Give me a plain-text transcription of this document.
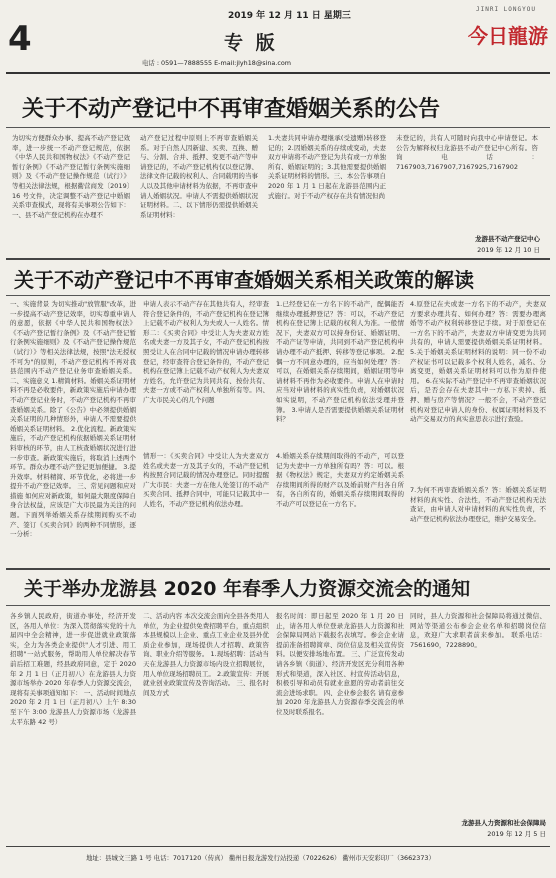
4
2019 年 12 月 11 日 星期三
专 版
电话 : 0591—7888555 E-mail:jlyh18@sina.com
JINRI LONGYOU
今日龍游
关于不动产登记中不再审查婚姻关系的公告
为切实方便群众办事、提高不动产登记效率，进一步统一不动产登记规范，依据《中华人民共和国物权法》《不动产登记暂行条例》《不动产登记暂行条例实施细则》及《不动产登记操作规范（试行）》等相关法律法规，根据衢营商发〔2019〕16 号文件，决定调整不动产登记中婚姻关系审查模式，现将有关事项公告如下：一、县不动产登记机构在办理不
动产登记过程中原则上不再审查婚姻关系。对于自然人因新建、买卖、互换、赠与、分割、合并、抵押、变更不动产等申请登记的，不动产登记机构仅以登记簿、法律文件记载的权利人、合同载明的当事人以及其他申请材料为依据，不再审查申请人婚姻状况。申请人不需提供婚姻状况证明材料。二、以下情形仍需提供婚姻关系证明材料：
1.夫妻共同申请办理继承(受遗赠)转移登记的；2.因婚姻关系的存续或变动，夫妻双方申请将不动产登记为共有或一方单独所有、婚姻证明的；3.其他需要提供婚姻关系证明材料的情形。三、本公告事项自 2020 年 1 月 1 日起在龙游县范围内正式施行。对于不动产权存在共有情况但尚
未登记的，共有人可随时向我中心申请登记。本公告为解释权归龙游县不动产登记中心所有。咨询电话：7167903,7167907,7167925,7167902
龙游县不动产登记中心
2019 年 12 月 10 日
关于不动产登记中不再审查婚姻关系相关政策的解读
一、实施背景 为切实推动"放管服"改革，进一步提高不动产登记效率，切实尊重申请人的意愿，依据《中华人民共和国物权法》《不动产登记暂行条例》及《不动产登记暂行条例实施细则》及《不动产登记操作规范（试行）》等相关法律法规，按照"法无授权不可为"的原则，不动产登记机构不再对我县范围内不动产登记业务审查婚姻关系。 二、实施意义 1.精简材料。婚姻关系证明材料不再是必收要件，新政策实施后申请办理不动产登记业务时，不动产登记机构不再审查婚姻关系。除了《公告》中必须提供婚姻关系证明的几种情形外，申请人不需要提供婚姻关系证明材料。 2.优化流程。新政策实施后，不动产登记机构依据婚姻关系证明材料审核的环节，由人工核查婚姻状况进行进一步审查。新政策实施后，将取消上述两个环节。群众办理不动产登记更加便捷。 3.提升效率。材料精简、环节优化，必将进一步提升不动产登记效率。 三、常见问题和应对措施 如何应对新政策，如何最大限度保障自身合法权益，应该是广大市民最为关注的问题。下面列举婚姻关系存续期间购买不动产、签订《买卖合同》的两种不同情形，逐一分析：
申请人表示不动产存在其他共有人，经审查符合登记条件的，不动产登记机构在登记簿上记载不动产权利人为夫或人一人姓名。情形二：《买卖合同》中受让人为夫妻双方姓名或夫妻一方及其子女，不动产登记机构按照受让人在合同中记载的情况申请办理转移登记，经审查符合登记条件的，不动产登记机构在登记簿上记载不动产权利人为夫妻双方姓名，允许登记为共同共有、按份共有、夫妻一方或不动产权利人单独所有等。四、广大市民关心的几个问题
情形一：《买卖合同》中受让人为夫妻双方姓名或夫妻一方及其子女的，不动产登记机构按照合同记载的情况办理登记。同时提醒广大市民：夫妻一方在他人处签订的不动产买卖合同、抵押合同中，可能只记载其中一人姓名，不动产登记机构依法办理。
1.已经登记在一方名下的不动产，配偶能否继续办理抵押登记？答：可以，不动产登记机构在登记簿上记载的权利人为准。一般情况下，夫妻双方可以持身份证、婚姻证明、不动产证等申请，共同到不动产登记机构申请办理不动产抵押、转移等登记事项。 2.配偶一方不同意办理的，应当如何处理？答：可以，在婚姻关系存续期间，婚姻证明等申请材料不再作为必收要件。申请人在申请时应当对申请材料的真实性负责，对婚姻状况如实说明，不动产登记机构依法受理并登簿。 3.申请人是否需要提供婚姻关系证明材料？
4.婚姻关系存续期间取得的不动产，可以登记为夫妻中一方单独所有吗？答：可以。根据《物权法》规定，夫妻双方约定婚姻关系存续期间所得的财产以及婚前财产归各自所有，各自所有的，婚姻关系存续期间取得的不动产可以登记在一方名下。
4.原登记在夫或妻一方名下的不动产，夫妻双方要求办理共有、如何办理？答：需要办理离婚等不动产权利转移登记手续。对于原登记在一方名下的不动产，夫妻双方申请变更为共同共有的，申请人需要提供婚姻关系证明材料。 5.关于婚姻关系证明材料的说明：同一份不动产权证书可以记载多个权利人姓名，减名、分离变更，婚姻关系证明材料可以作为原件使用。 6.在实际不动产登记中不再审查婚姻状况后，是否会存在夫妻其中一方私下卖掉、抵押、赠与房产等情况？一般不会，不动产登记机构对登记申请人的身份、权属证明材料及不动产交易双方的真实意思表示进行查验。
7.为何不再审查婚姻关系？答：婚姻关系证明材料的真实性、合法性，不动产登记机构无法查证，由申请人对申请材料的真实性负责，不动产登记机构依法办理登记，维护交易安全。
关于举办龙游县 2020 年春季人力资源交流会的通知
各乡镇人民政府，街道办事处，经济开发区，各用人单位：为深入贯彻落实党的十九届四中全会精神，进一步促进就业政策落实，全力为各类企业提供"人才引进、用工招聘"一站式服务，帮助用人单位解决春节前后招工难题，经县政府同意，定于 2020 年 2 月 1 日（正月初八）在龙游县人力资源市场举办 2020 年春季人力资源交流会，现将有关事项通知如下： 一、活动时间地点 2020 年 2 月 1 日（正月初八）上午 8:30 至下午 3:00 龙游县人力资源市场（龙游县太平东路 42 号）
二、活动内容 本次交流会面向全县各类用人单位，为企业提供免费招聘平台，重点组织本县规模以上企业、重点工业企业及县外优质企业参加，现场提供人才招聘、政策咨询、职业介绍等服务。 1.现场招聘：活动当天在龙游县人力资源市场内设立招聘展位，用人单位现场招聘员工。 2.政策宣传：开展就业创业政策宣传及咨询活动。 三、报名时间及方式
报名时间：即日起至 2020 年 1 月 20 日止，请各用人单位登录龙游县人力资源和社会保障局网站下载报名表填写。参会企业请提前准备招聘简章、岗位信息及相关宣传资料。以便安排场地布置。 三、广泛宣传发动 请各乡镇（街道）、经济开发区充分利用各种形式和渠道，深入社区、村宣传活动信息，积极引导和动员有就业意愿的劳动者前往交流会进场求职。 四、企业参会报名 请有意参加 2020 年龙游县人力资源春季交流会的单位及时联系报名。
同时，县人力资源和社会保障局将通过微信、网站等渠道公布参会企业名单和招聘岗位信息，欢迎广大求职者前来参加。 联系电话：7561690，7228890。
龙游县人力资源和社会保障局
2019 年 12 月 5 日
地址：县城文三路 1 号 电话：7017120（传真） 衢州日报龙游发行站投递（7022626） 衢州市天安彩印厂（3662373）
